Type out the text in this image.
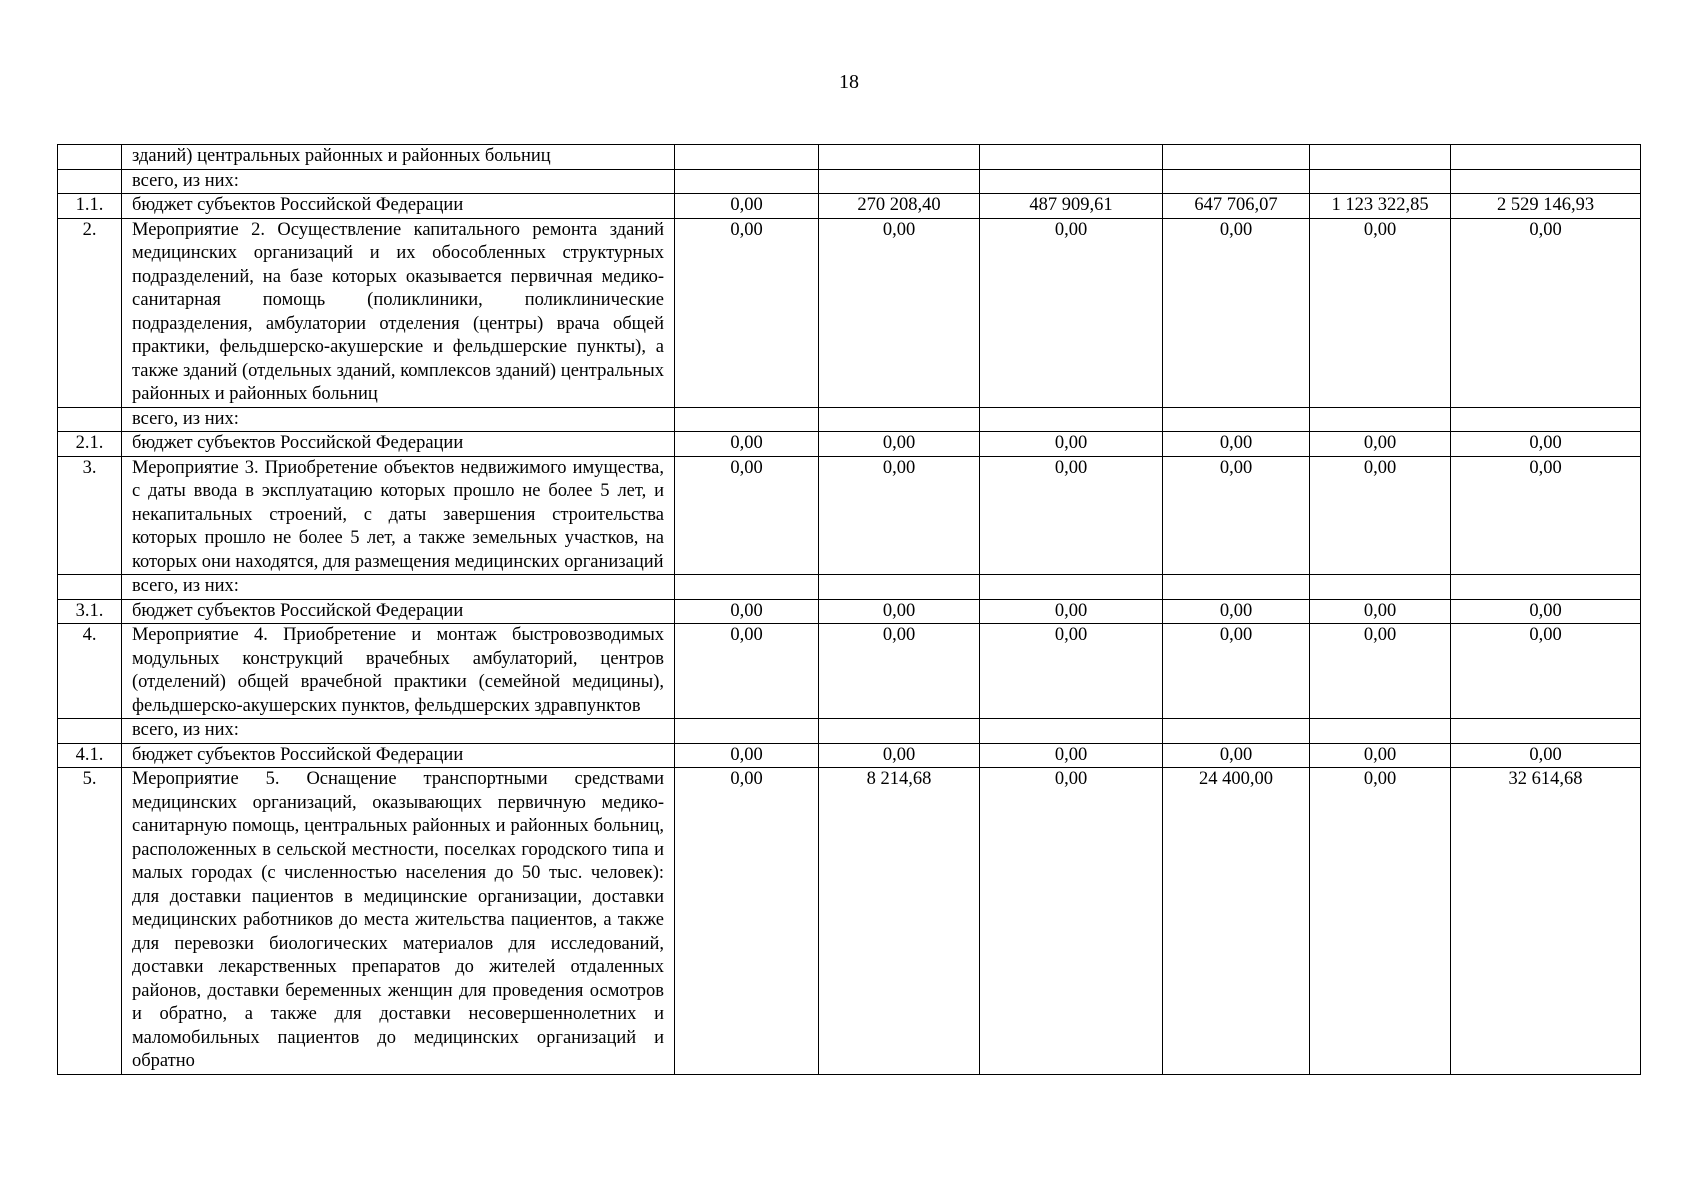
18
	зданий) центральных районных и районных больниц						
	всего, из них:						
1.1.	бюджет субъектов Российской Федерации	0,00	270 208,40	487 909,61	647 706,07	1 123 322,85	2 529 146,93
2.	Мероприятие 2. Осуществление капитального ремонта зданий медицинских организаций и их обособленных структурных подразделений, на базе которых оказывается первичная медико-санитарная помощь (поликлиники, поликлинические подразделения, амбулатории отделения (центры) врача общей практики, фельдшерско-акушерские и фельдшерские пункты), а также зданий (отдельных зданий, комплексов зданий) центральных районных и районных больниц	0,00	0,00	0,00	0,00	0,00	0,00
	всего, из них:						
2.1.	бюджет субъектов Российской Федерации	0,00	0,00	0,00	0,00	0,00	0,00
3.	Мероприятие 3. Приобретение объектов недвижимого имущества, с даты ввода в эксплуатацию которых прошло не более 5 лет, и некапитальных строений, с даты завершения строительства которых прошло не более 5 лет, а также земельных участков, на которых они находятся, для размещения медицинских организаций	0,00	0,00	0,00	0,00	0,00	0,00
	всего, из них:						
3.1.	бюджет субъектов Российской Федерации	0,00	0,00	0,00	0,00	0,00	0,00
4.	Мероприятие 4. Приобретение и монтаж быстровозводимых модульных конструкций врачебных амбулаторий, центров (отделений) общей врачебной практики (семейной медицины), фельдшерско-акушерских пунктов, фельдшерских здравпунктов	0,00	0,00	0,00	0,00	0,00	0,00
	всего, из них:						
4.1.	бюджет субъектов Российской Федерации	0,00	0,00	0,00	0,00	0,00	0,00
5.	Мероприятие 5. Оснащение транспортными средствами медицинских организаций, оказывающих первичную медико-санитарную помощь, центральных районных и районных больниц, расположенных в сельской местности, поселках городского типа и малых городах (с численностью населения до 50 тыс. человек): для доставки пациентов в медицинские организации, доставки медицинских работников до места жительства пациентов, а также для перевозки биологических материалов для исследований, доставки лекарственных препаратов до жителей отдаленных районов, доставки беременных женщин для проведения осмотров и обратно, а также для доставки несовершеннолетних и маломобильных пациентов до медицинских организаций и обратно	0,00	8 214,68	0,00	24 400,00	0,00	32 614,68
